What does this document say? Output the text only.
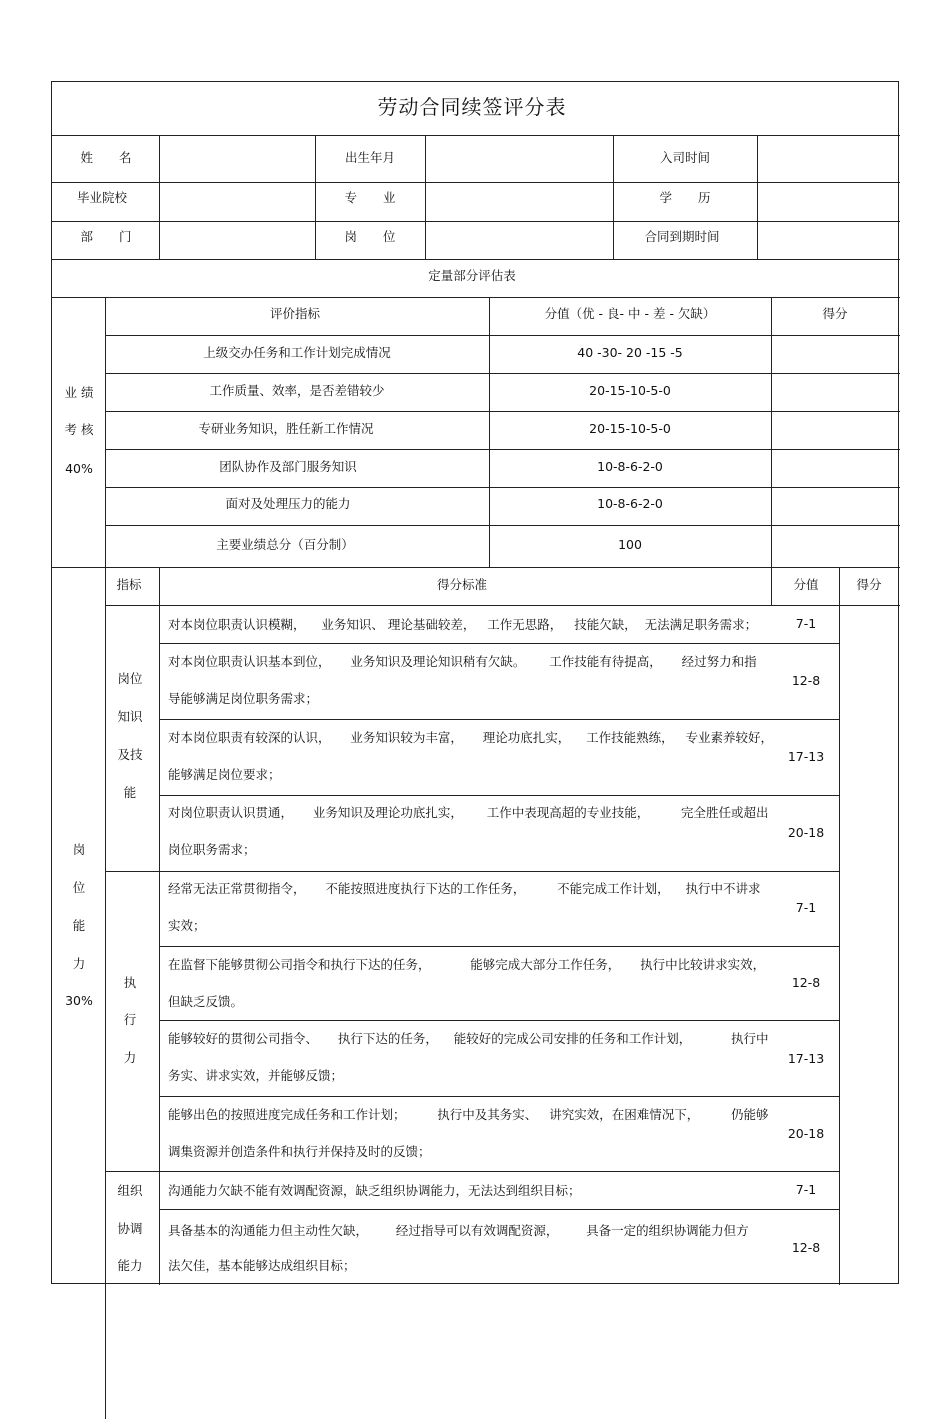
劳动合同续签评分表
姓名	出生年月	入司时间
毕业院校	专业	学历
部门	岗位	合同到期时间
定量部分评估表
业 绩
考 核
40%
评价指标	分值（优 - 良- 中 - 差 - 欠缺）	得分
上级交办任务和工作计划完成情况	40 -30- 20 -15 -5
工作质量、效率，是否差错较少	20-15-10-5-0
专研业务知识，胜任新工作情况	20-15-10-5-0
团队协作及部门服务知识	10-8-6-2-0
面对及处理压力的能力	10-8-6-2-0
主要业绩总分（百分制）	100
岗
位
能
力
30%
指标	得分标准	分值	得分
岗位
知识
及技
能
对本岗位职责认识模糊，    业务知识、 理论基础较差，   工作无思路，   技能欠缺，  无法满足职务需求；	7-1
对本岗位职责认识基本到位，     业务知识及理论知识稍有欠缺。      工作技能有待提高，     经过努力和指
导能够满足岗位职务需求；
12-8
对本岗位职责有较深的认识，     业务知识较为丰富，     理论功底扎实，    工作技能熟练，   专业素养较好，
能够满足岗位要求；
17-13
对岗位职责认识贯通，     业务知识及理论功底扎实，      工作中表现高超的专业技能，        完全胜任或超出
岗位职务需求；
20-18
执
行
力
经常无法正常贯彻指令，     不能按照进度执行下达的工作任务，        不能完成工作计划，    执行中不讲求
实效；
7-1
在监督下能够贯彻公司指令和执行下达的任务，          能够完成大部分工作任务，     执行中比较讲求实效，
但缺乏反馈。
12-8
能够较好的贯彻公司指令、     执行下达的任务，    能较好的完成公司安排的任务和工作计划，          执行中
务实、讲求实效，并能够反馈；
17-13
能够出色的按照进度完成任务和工作计划；        执行中及其务实、   讲究实效，在困难情况下，        仍能够
调集资源并创造条件和执行并保持及时的反馈；
20-18
组织
协调
能力
沟通能力欠缺不能有效调配资源，缺乏组织协调能力，无法达到组织目标；	7-1
具备基本的沟通能力但主动性欠缺，       经过指导可以有效调配资源，       具备一定的组织协调能力但方
法欠佳，基本能够达成组织目标；
12-8
